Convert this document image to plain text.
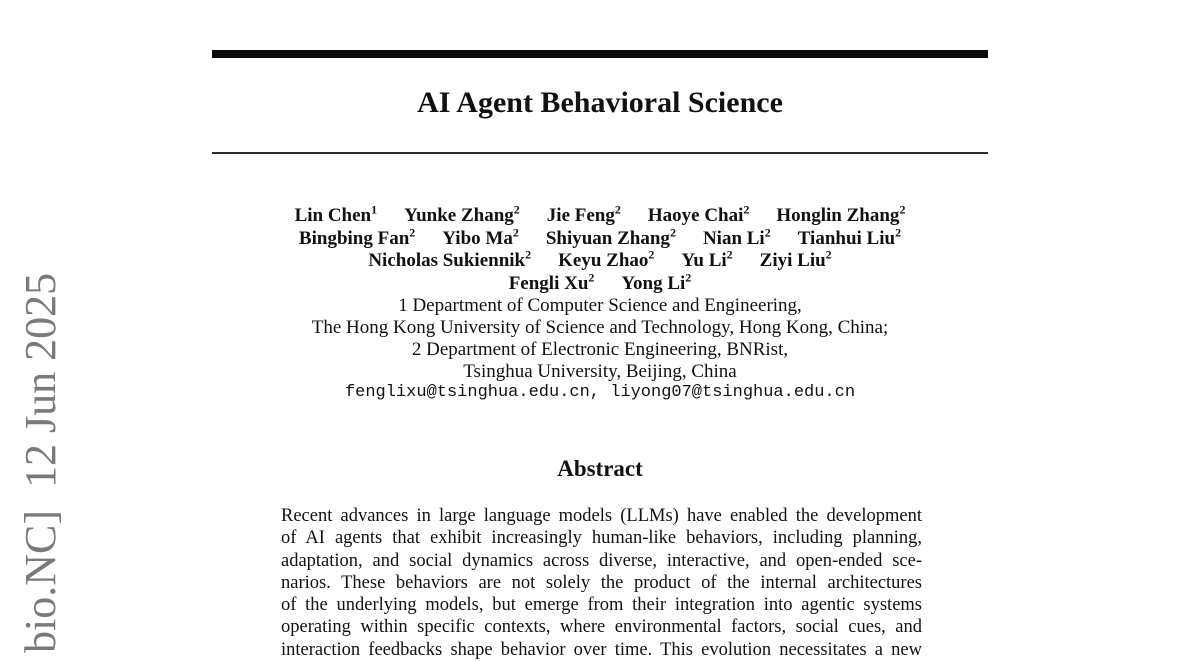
bio.NC]  12 Jun 2025
AI Agent Behavioral Science
Lin Chen$^1$ Yunke Zhang$^2$ Jie Feng$^2$ Haoye Chai$^2$ Honglin Zhang$^2$
Bingbing Fan$^2$ Yibo Ma$^2$ Shiyuan Zhang$^2$ Nian Li$^2$ Tianhui Liu$^2$
Nicholas Sukiennik$^2$ Keyu Zhao$^2$ Yu Li$^2$ Ziyi Liu$^2$
Fengli Xu$^2$ Yong Li$^2$
1 Department of Computer Science and Engineering,
The Hong Kong University of Science and Technology, Hong Kong, China;
2 Department of Electronic Engineering, BNRist,
Tsinghua University, Beijing, China
fenglixu@tsinghua.edu.cn, liyong07@tsinghua.edu.cn
Abstract
Recent advances in large language models (LLMs) have enabled the development
of AI agents that exhibit increasingly human-like behaviors, including planning,
adaptation, and social dynamics across diverse, interactive, and open-ended sce-
narios. These behaviors are not solely the product of the internal architectures
of the underlying models, but emerge from their integration into agentic systems
operating within specific contexts, where environmental factors, social cues, and
interaction feedbacks shape behavior over time. This evolution necessitates a new
